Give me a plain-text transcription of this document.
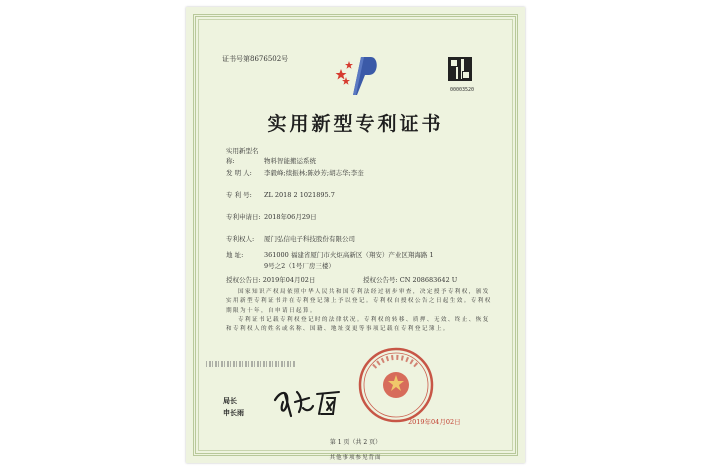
证书号第8676502号
00003520
实用新型专利证书
实用新型名称:	物料智能搬运系统
发 明 人: 李毅峰;续振林;陈妙芳;胡志华;李奎
专 利 号: ZL 2018 2 1021895.7
专利申请日: 2018年06月29日
专利权人: 厦门弘信电子科技股份有限公司
地 址:	361000 福建省厦门市火炬高新区（翔安）产业区翔海路 1
9号之2（1号厂房三楼）
授权公告日: 2019年04月02日	授权公告号: CN 208683642 U
国家知识产权局依照中华人民共和国专利法经过初步审查，决定授予专利权，颁发实用新型专利证书并在专利登记簿上予以登记。专利权自授权公告之日起生效。专利权期限为十年，自申请日起算。
专利证书记载专利权登记时的法律状况。专利权的转移、质押、无效、终止、恢复和专利权人的姓名或名称、国籍、地址变更等事项记载在专利登记簿上。
局长
申长雨
2019年04月02日
第 1 页（共 2 页）
其他事项参见背面
